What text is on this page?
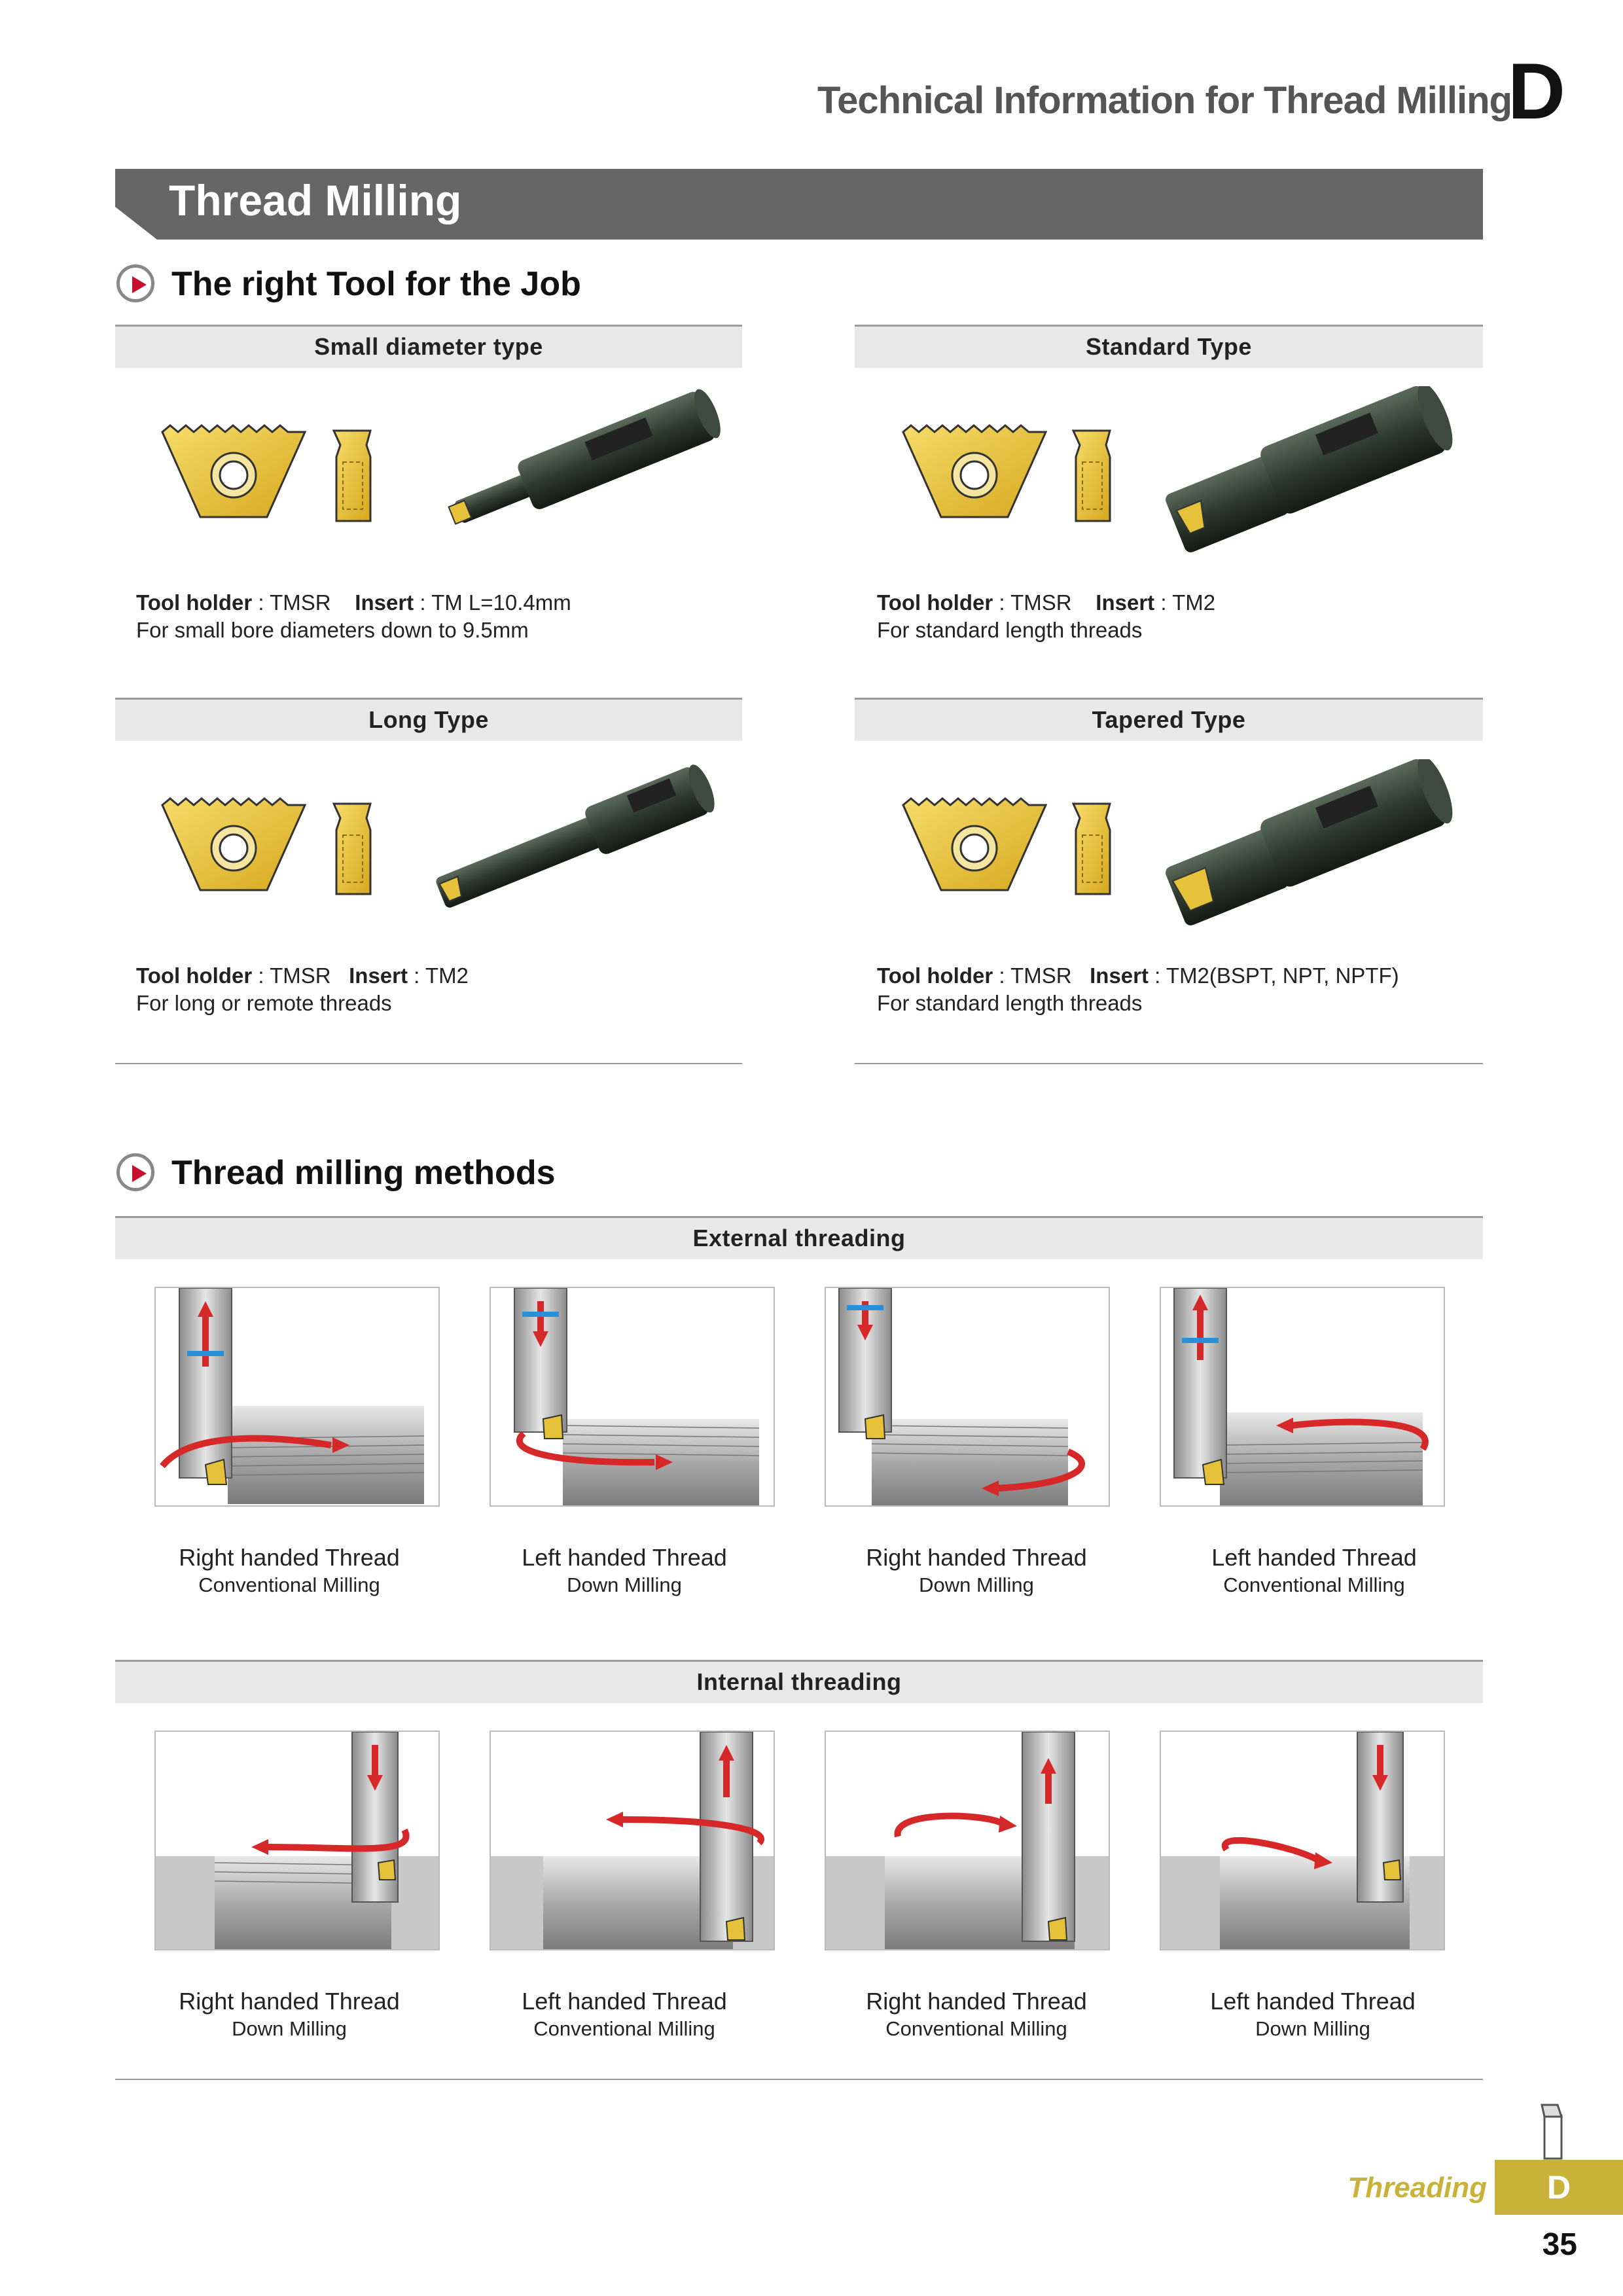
Technical Information for Thread Milling
D
Thread Milling
The right Tool for the Job
Small diameter type
Tool holder : TMSR Insert : TM L=10.4mm
For small bore diameters down to 9.5mm
Standard Type
Tool holder : TMSR Insert : TM2
For standard length threads
Long Type
Tool holder : TMSR Insert : TM2
For long or remote threads
Tapered Type
Tool holder : TMSR Insert : TM2(BSPT, NPT, NPTF)
For standard length threads
Thread milling methods
External threading
Right handed Thread
Conventional Milling
Left handed Thread
Down Milling
Right handed Thread
Down Milling
Left handed Thread
Conventional Milling
Internal threading
Right handed Thread
Down Milling
Left handed Thread
Conventional Milling
Right handed Thread
Conventional Milling
Left handed Thread
Down Milling
Threading	D
35
